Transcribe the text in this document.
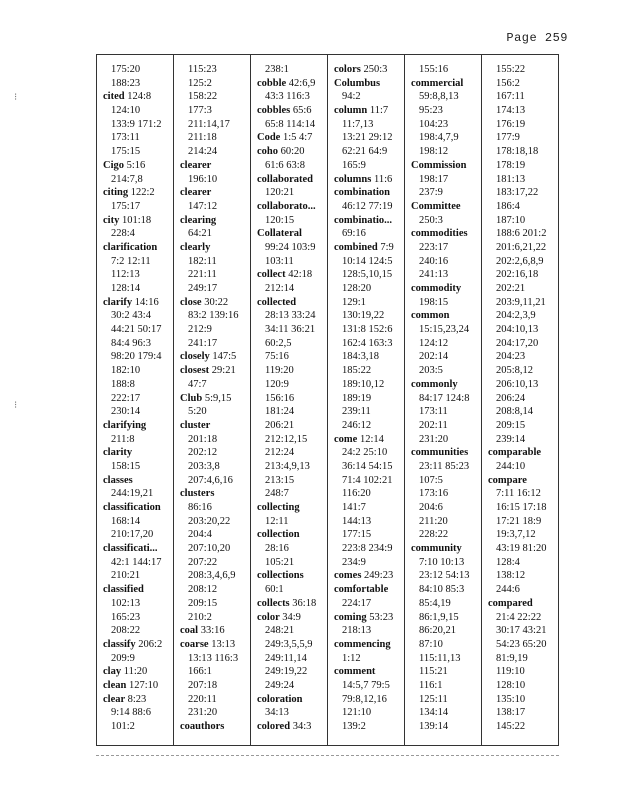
Page 259
⁝
⁝
175:20
188:23
cited 124:8
124:10
133:9 171:2
173:11
175:15
Cigo 5:16
214:7,8
citing 122:2
175:17
city 101:18
228:4
clarification
7:2 12:11
112:13
128:14
clarify 14:16
30:2 43:4
44:21 50:17
84:4 96:3
98:20 179:4
182:10
188:8
222:17
230:14
clarifying
211:8
clarity
158:15
classes
244:19,21
classification
168:14
210:17,20
classificati...
42:1 144:17
210:21
classified
102:13
165:23
208:22
classify 206:2
209:9
clay 11:20
clean 127:10
clear 8:23
9:14 88:6
101:2
115:23
125:2
158:22
177:3
211:14,17
211:18
214:24
clearer
196:10
clearer
147:12
clearing
64:21
clearly
182:11
221:11
249:17
close 30:22
83:2 139:16
212:9
241:17
closely 147:5
closest 29:21
47:7
Club 5:9,15
5:20
cluster
201:18
202:12
203:3,8
207:4,6,16
clusters
86:16
203:20,22
204:4
207:10,20
207:22
208:3,4,6,9
208:12
209:15
210:2
coal 33:16
coarse 13:13
13:13 116:3
166:1
207:18
220:11
231:20
coauthors
238:1
cobble 42:6,9
43:3 116:3
cobbles 65:6
65:8 114:14
Code 1:5 4:7
coho 60:20
61:6 63:8
collaborated
120:21
collaborato...
120:15
Collateral
99:24 103:9
103:11
collect 42:18
212:14
collected
28:13 33:24
34:11 36:21
60:2,5
75:16
119:20
120:9
156:16
181:24
206:21
212:12,15
212:24
213:4,9,13
213:15
248:7
collecting
12:11
collection
28:16
105:21
collections
60:1
collects 36:18
color 34:9
248:21
249:3,5,5,9
249:11,14
249:19,22
249:24
coloration
34:13
colored 34:3
colors 250:3
Columbus
94:2
column 11:7
11:7,13
13:21 29:12
62:21 64:9
165:9
columns 11:6
combination
46:12 77:19
combinatio...
69:16
combined 7:9
10:14 124:5
128:5,10,15
128:20
129:1
130:19,22
131:8 152:6
162:4 163:3
184:3,18
185:22
189:10,12
189:19
239:11
246:12
come 12:14
24:2 25:10
36:14 54:15
71:4 102:21
116:20
141:7
144:13
177:15
223:8 234:9
234:9
comes 249:23
comfortable
224:17
coming 53:23
218:13
commencing
1:12
comment
14:5,7 79:5
79:8,12,16
121:10
139:2
155:16
commercial
59:8,8,13
95:23
104:23
198:4,7,9
198:12
Commission
198:17
237:9
Committee
250:3
commodities
223:17
240:16
241:13
commodity
198:15
common
15:15,23,24
124:12
202:14
203:5
commonly
84:17 124:8
173:11
202:11
231:20
communities
23:11 85:23
107:5
173:16
204:6
211:20
228:22
community
7:10 10:13
23:12 54:13
84:10 85:3
85:4,19
86:1,9,15
86:20,21
87:10
115:11,13
115:21
116:1
125:11
134:14
139:14
155:22
156:2
167:11
174:13
176:19
177:9
178:18,18
178:19
181:13
183:17,22
186:4
187:10
188:6 201:2
201:6,21,22
202:2,6,8,9
202:16,18
202:21
203:9,11,21
204:2,3,9
204:10,13
204:17,20
204:23
205:8,12
206:10,13
206:24
208:8,14
209:15
239:14
comparable
244:10
compare
7:11 16:12
16:15 17:18
17:21 18:9
19:3,7,12
43:19 81:20
128:4
138:12
244:6
compared
21:4 22:22
30:17 43:21
54:23 65:20
81:9,19
119:10
128:10
135:10
138:17
145:22
